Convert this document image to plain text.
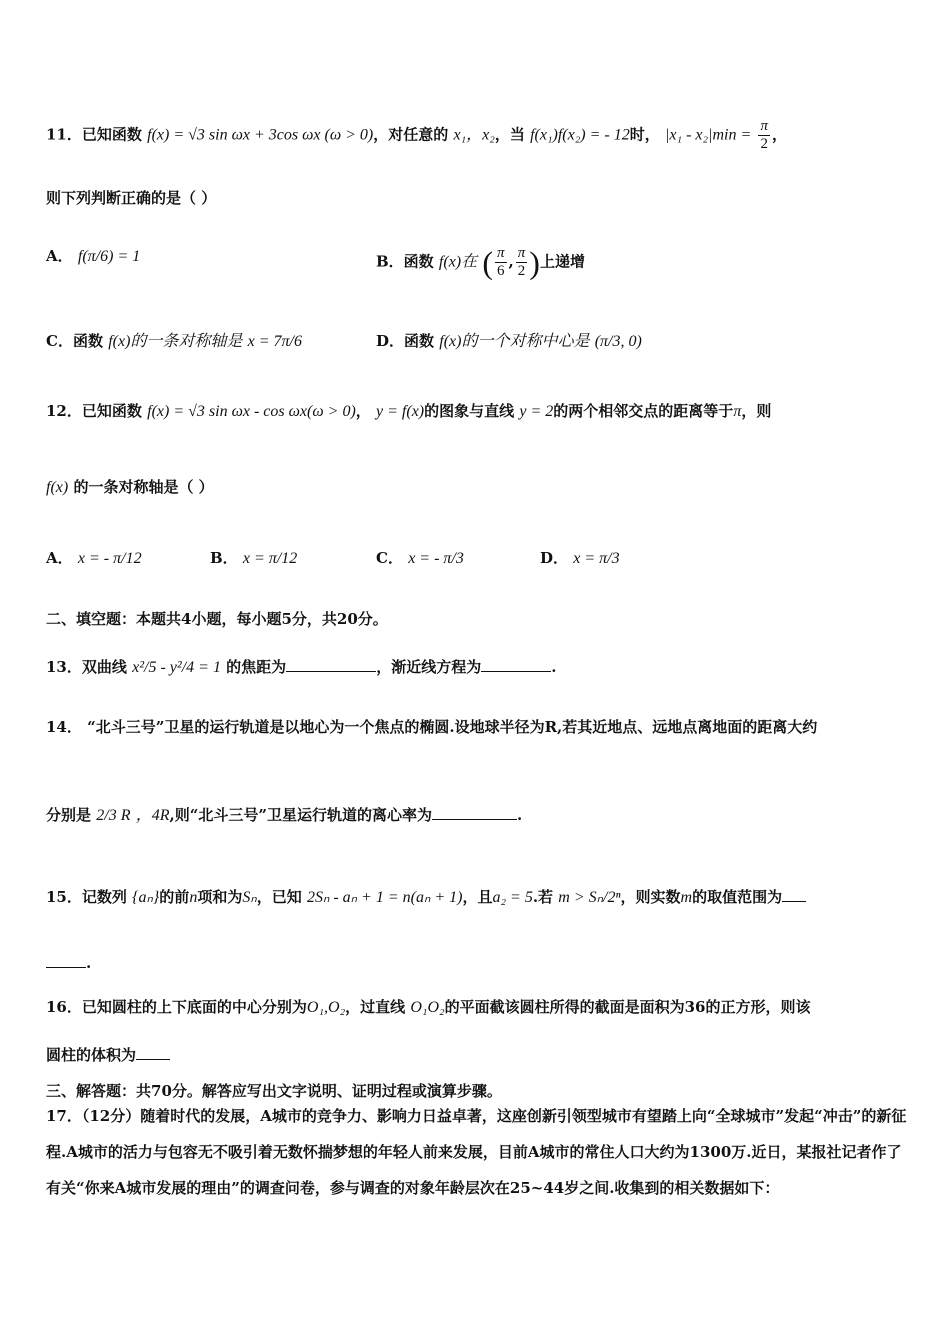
11．已知函数 f(x) = √3 sin ωx + 3cos ωx (ω > 0)，对任意的 x₁，x₂，当 f(x₁)f(x₂) = - 12时， $|x_1 - x_2|\min = \frac{\pi}{2}$ ，
则下列判断正确的是（ ）
A． f(π/6) = 1	B．函数 f(x)在 ( $\frac{\pi}{6}$ , $\frac{\pi}{2}$ )上递增
C．函数 f(x)的一条对称轴是 x = 7π/6	D．函数 f(x)的一个对称中心是 (π/3, 0)
12．已知函数 f(x) = √3 sin ωx - cos ωx(ω > 0)， y = f(x)的图象与直线 y = 2的两个相邻交点的距离等于π，则
f(x) 的一条对称轴是（ ）
A． x = - π/12	B． x = π/12	C． x = - π/3	D． x = π/3
二、填空题：本题共4小题，每小题5分，共20分。
13．双曲线 x²/5 - y²/4 = 1 的焦距为	，渐近线方程为	.
14． “北斗三号”卫星的运行轨道是以地心为一个焦点的椭圆.设地球半径为R,若其近地点、远地点离地面的距离大约
分别是 2/3 R ，4R,则“北斗三号”卫星运行轨道的离心率为	.
15．记数列 {aₙ}的前n项和为Sₙ，已知 2Sₙ - aₙ + 1 = n(aₙ + 1)，且a₂ = 5.若 m > Sₙ/2ⁿ，则实数m的取值范围为
.
16．已知圆柱的上下底面的中心分别为O₁,O₂，过直线 O₁O₂的平面截该圆柱所得的截面是面积为36的正方形，则该
圆柱的体积为
三、解答题：共70分。解答应写出文字说明、证明过程或演算步骤。
17．（12分）随着时代的发展，A城市的竞争力、影响力日益卓著，这座创新引领型城市有望踏上向“全球城市”发起“冲击”的新征程.A城市的活力与包容无不吸引着无数怀揣梦想的年轻人前来发展，目前A城市的常住人口大约为1300万.近日，某报社记者作了有关“你来A城市发展的理由”的调查问卷，参与调查的对象年龄层次在25~44岁之间.收集到的相关数据如下：
